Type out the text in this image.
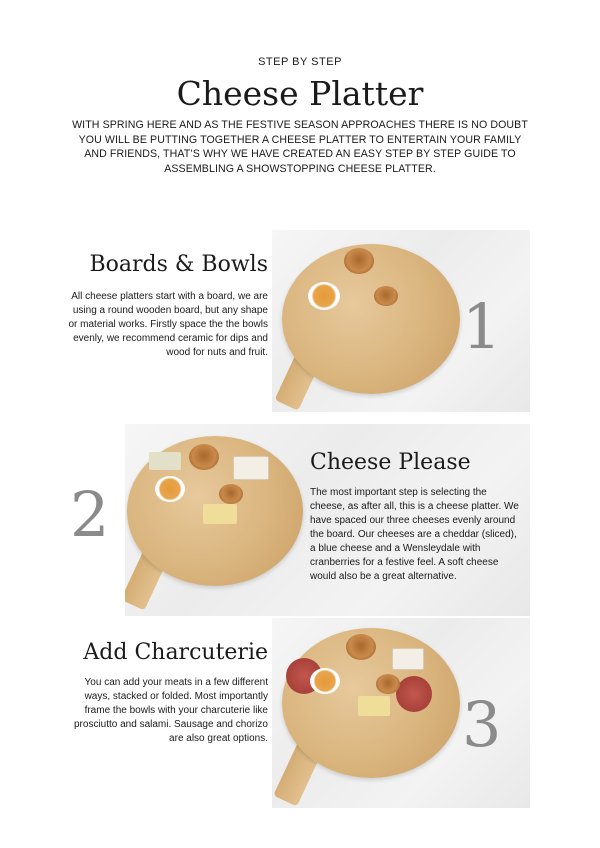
STEP BY STEP
Cheese Platter
WITH SPRING HERE AND AS THE FESTIVE SEASON APPROACHES THERE IS NO DOUBT YOU WILL BE PUTTING TOGETHER A CHEESE PLATTER TO ENTERTAIN YOUR FAMILY AND FRIENDS, THAT’S WHY WE HAVE CREATED AN EASY STEP BY STEP GUIDE TO ASSEMBLING A SHOWSTOPPING CHEESE PLATTER.
Boards & Bowls
All cheese platters start with a board, we are using a round wooden board, but any shape or material works. Firstly space the the bowls evenly, we recommend ceramic for dips and wood for nuts and fruit.	1
2
Cheese Please
The most important step is selecting the cheese, as after all, this is a cheese platter. We have spaced our three cheeses evenly around the board. Our cheeses are a cheddar (sliced), a blue cheese and a Wensleydale with cranberries for a festive feel. A soft cheese would also be a great alternative.
Add Charcuterie
You can add your meats in a few different ways, stacked or folded. Most importantly frame the bowls with your charcuterie like prosciutto and salami. Sausage and chorizo are also great options.	3
